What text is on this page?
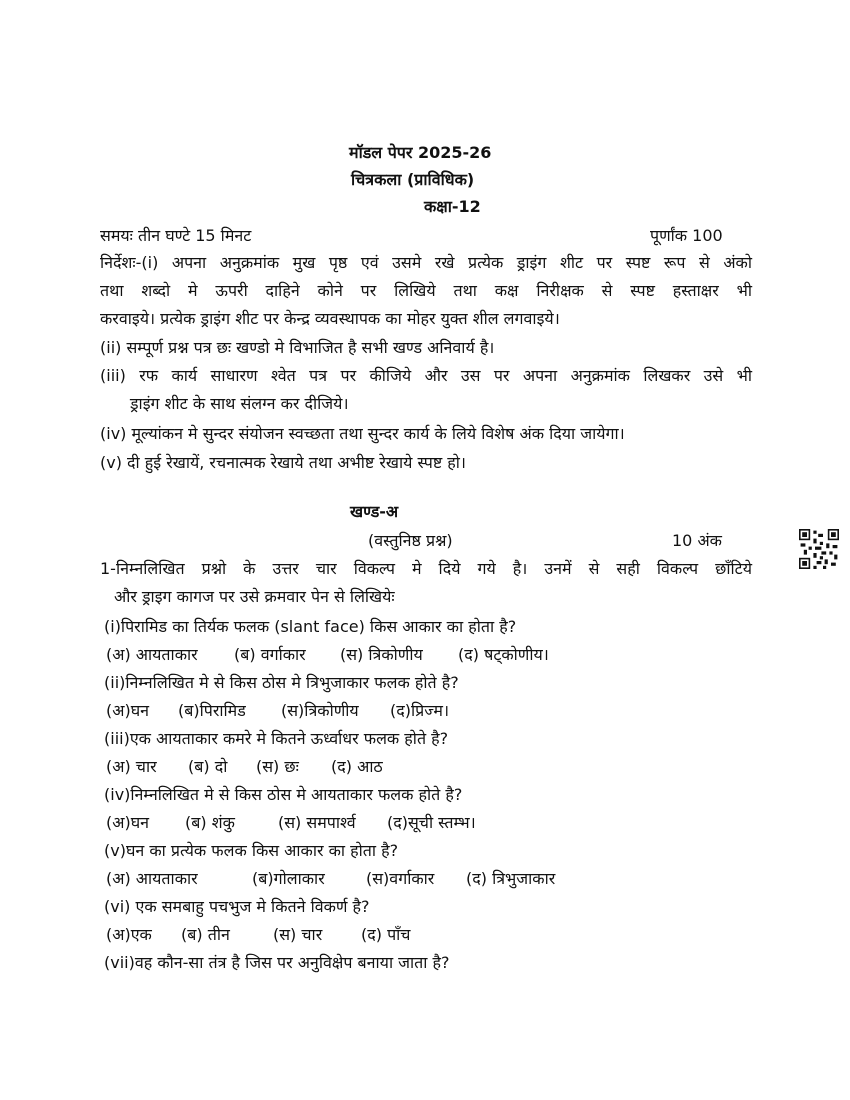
मॉडल पेपर 2025-26
चित्रकला (प्राविधिक)
कक्षा-12
समयः तीन घण्टे 15 मिनट	पूर्णांक 100
निर्देशः-(i) अपना अनुक्रमांक मुख पृष्ठ एवं उसमे रखे प्रत्येक ड्राइंग शीट पर स्पष्ट रूप से अंको
तथा शब्दो मे ऊपरी दाहिने कोने पर लिखिये तथा कक्ष निरीक्षक से स्पष्ट हस्ताक्षर भी
करवाइये। प्रत्येक ड्राइंग शीट पर केन्द्र व्यवस्थापक का मोहर युक्त शील लगवाइये।
(ii) सम्पूर्ण प्रश्न पत्र छः खण्डो मे विभाजित है सभी खण्ड अनिवार्य है।
(iii) रफ कार्य साधारण श्वेत पत्र पर कीजिये और उस पर अपना अनुक्रमांक लिखकर उसे भी
ड्राइंग शीट के साथ संलग्न कर दीजिये।
(iv) मूल्यांकन मे सुन्दर संयोजन स्वच्छता तथा सुन्दर कार्य के लिये विशेष अंक दिया जायेगा।
(v) दी हुई रेखायें, रचनात्मक रेखाये तथा अभीष्ट रेखाये स्पष्ट हो।
खण्ड-अ
(वस्तुनिष्ठ प्रश्न)	10 अंक
1-निम्नलिखित प्रश्नो के उत्तर चार विकल्प मे दिये गये है। उनमें से सही विकल्प छाँटिये
और ड्राइग कागज पर उसे क्रमवार पेन से लिखियेः
(i)पिरामिड का तिर्यक फलक (slant face) किस आकार का होता है?
(अ) आयताकार (ब) वर्गाकार (स) त्रिकोणीय (द) षट्कोणीय।
(ii)निम्नलिखित मे से किस ठोस मे त्रिभुजाकार फलक होते है?
(अ)घन (ब)पिरामिड (स)त्रिकोणीय (द)प्रिज्म।
(iii)एक आयताकार कमरे मे कितने ऊर्ध्वाधर फलक होते है?
(अ) चार (ब) दो (स) छः (द) आठ
(iv)निम्नलिखित मे से किस ठोस मे आयताकार फलक होते है?
(अ)घन (ब) शंकु	(स) समपार्श्व (द)सूची स्तम्भ।
(v)घन का प्रत्येक फलक किस आकार का होता है?
(अ) आयताकार	(ब)गोलाकार	(स)वर्गाकार (द) त्रिभुजाकार
(vi) एक समबाहु पचभुज मे कितने विकर्ण है?
(अ)एक (ब) तीन	(स) चार (द) पाँच
(vii)वह कौन-सा तंत्र है जिस पर अनुविक्षेप बनाया जाता है?
